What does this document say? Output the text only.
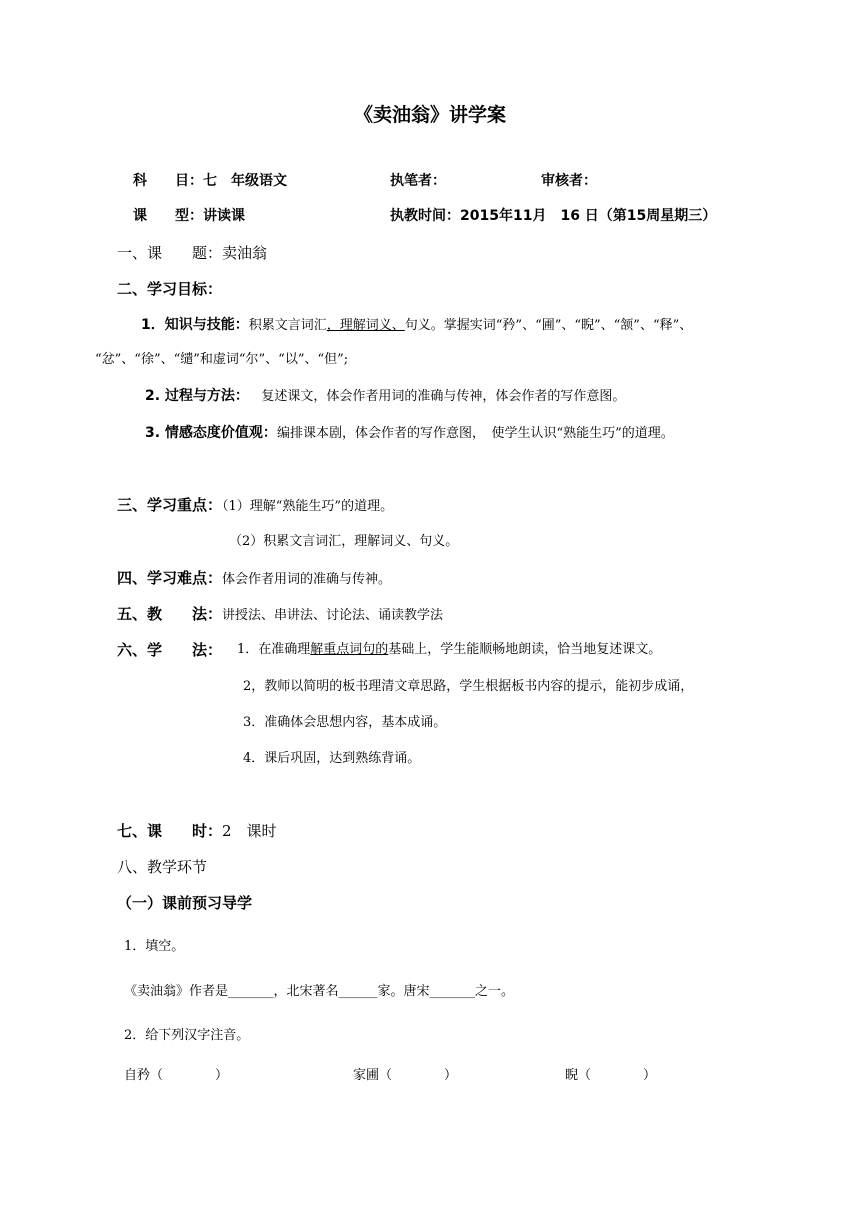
《卖油翁》讲学案
科　　目：七　年级语文	执笔者：	审核者：
课　　型：讲读课	执教时间：2015年11月　16 日（第15周星期三）
一、课　　题：卖油翁
二、学习目标：
1．知识与技能：积累文言词汇，理解词义、句义。掌握实词“矜”、“圃”、“睨”、“颔”、“释”、
“忿”、“徐”、“缱”和虚词“尔”、“以”、“但”;
2. 过程与方法： 复述课文，体会作者用词的准确与传神，体会作者的写作意图。
3. 情感态度价值观：编排课本剧，体会作者的写作意图，　使学生认识“熟能生巧”的道理。
三、学习重点：（1）理解“熟能生巧”的道理。
（2）积累文言词汇，理解词义、句义。
四、学习难点：体会作者用词的准确与传神。
五、教　　法：讲授法、串讲法、讨论法、诵读教学法
六、学　　法： 1．在准确理解重点词句的基础上，学生能顺畅地朗读，恰当地复述课文。
2，教师以简明的板书理清文章思路，学生根据板书内容的提示，能初步成诵，
3．准确体会思想内容，基本成诵。
4．课后巩固，达到熟练背诵。
七、课　　时：2　课时
八、教学环节
（一）课前预习导学
1．填空。
《卖油翁》作者是_______，北宋著名______家。唐宋_______之一。
2．给下列汉字注音。
自矜（　　　　）	家圃（　　　　）	睨（　　　　）
